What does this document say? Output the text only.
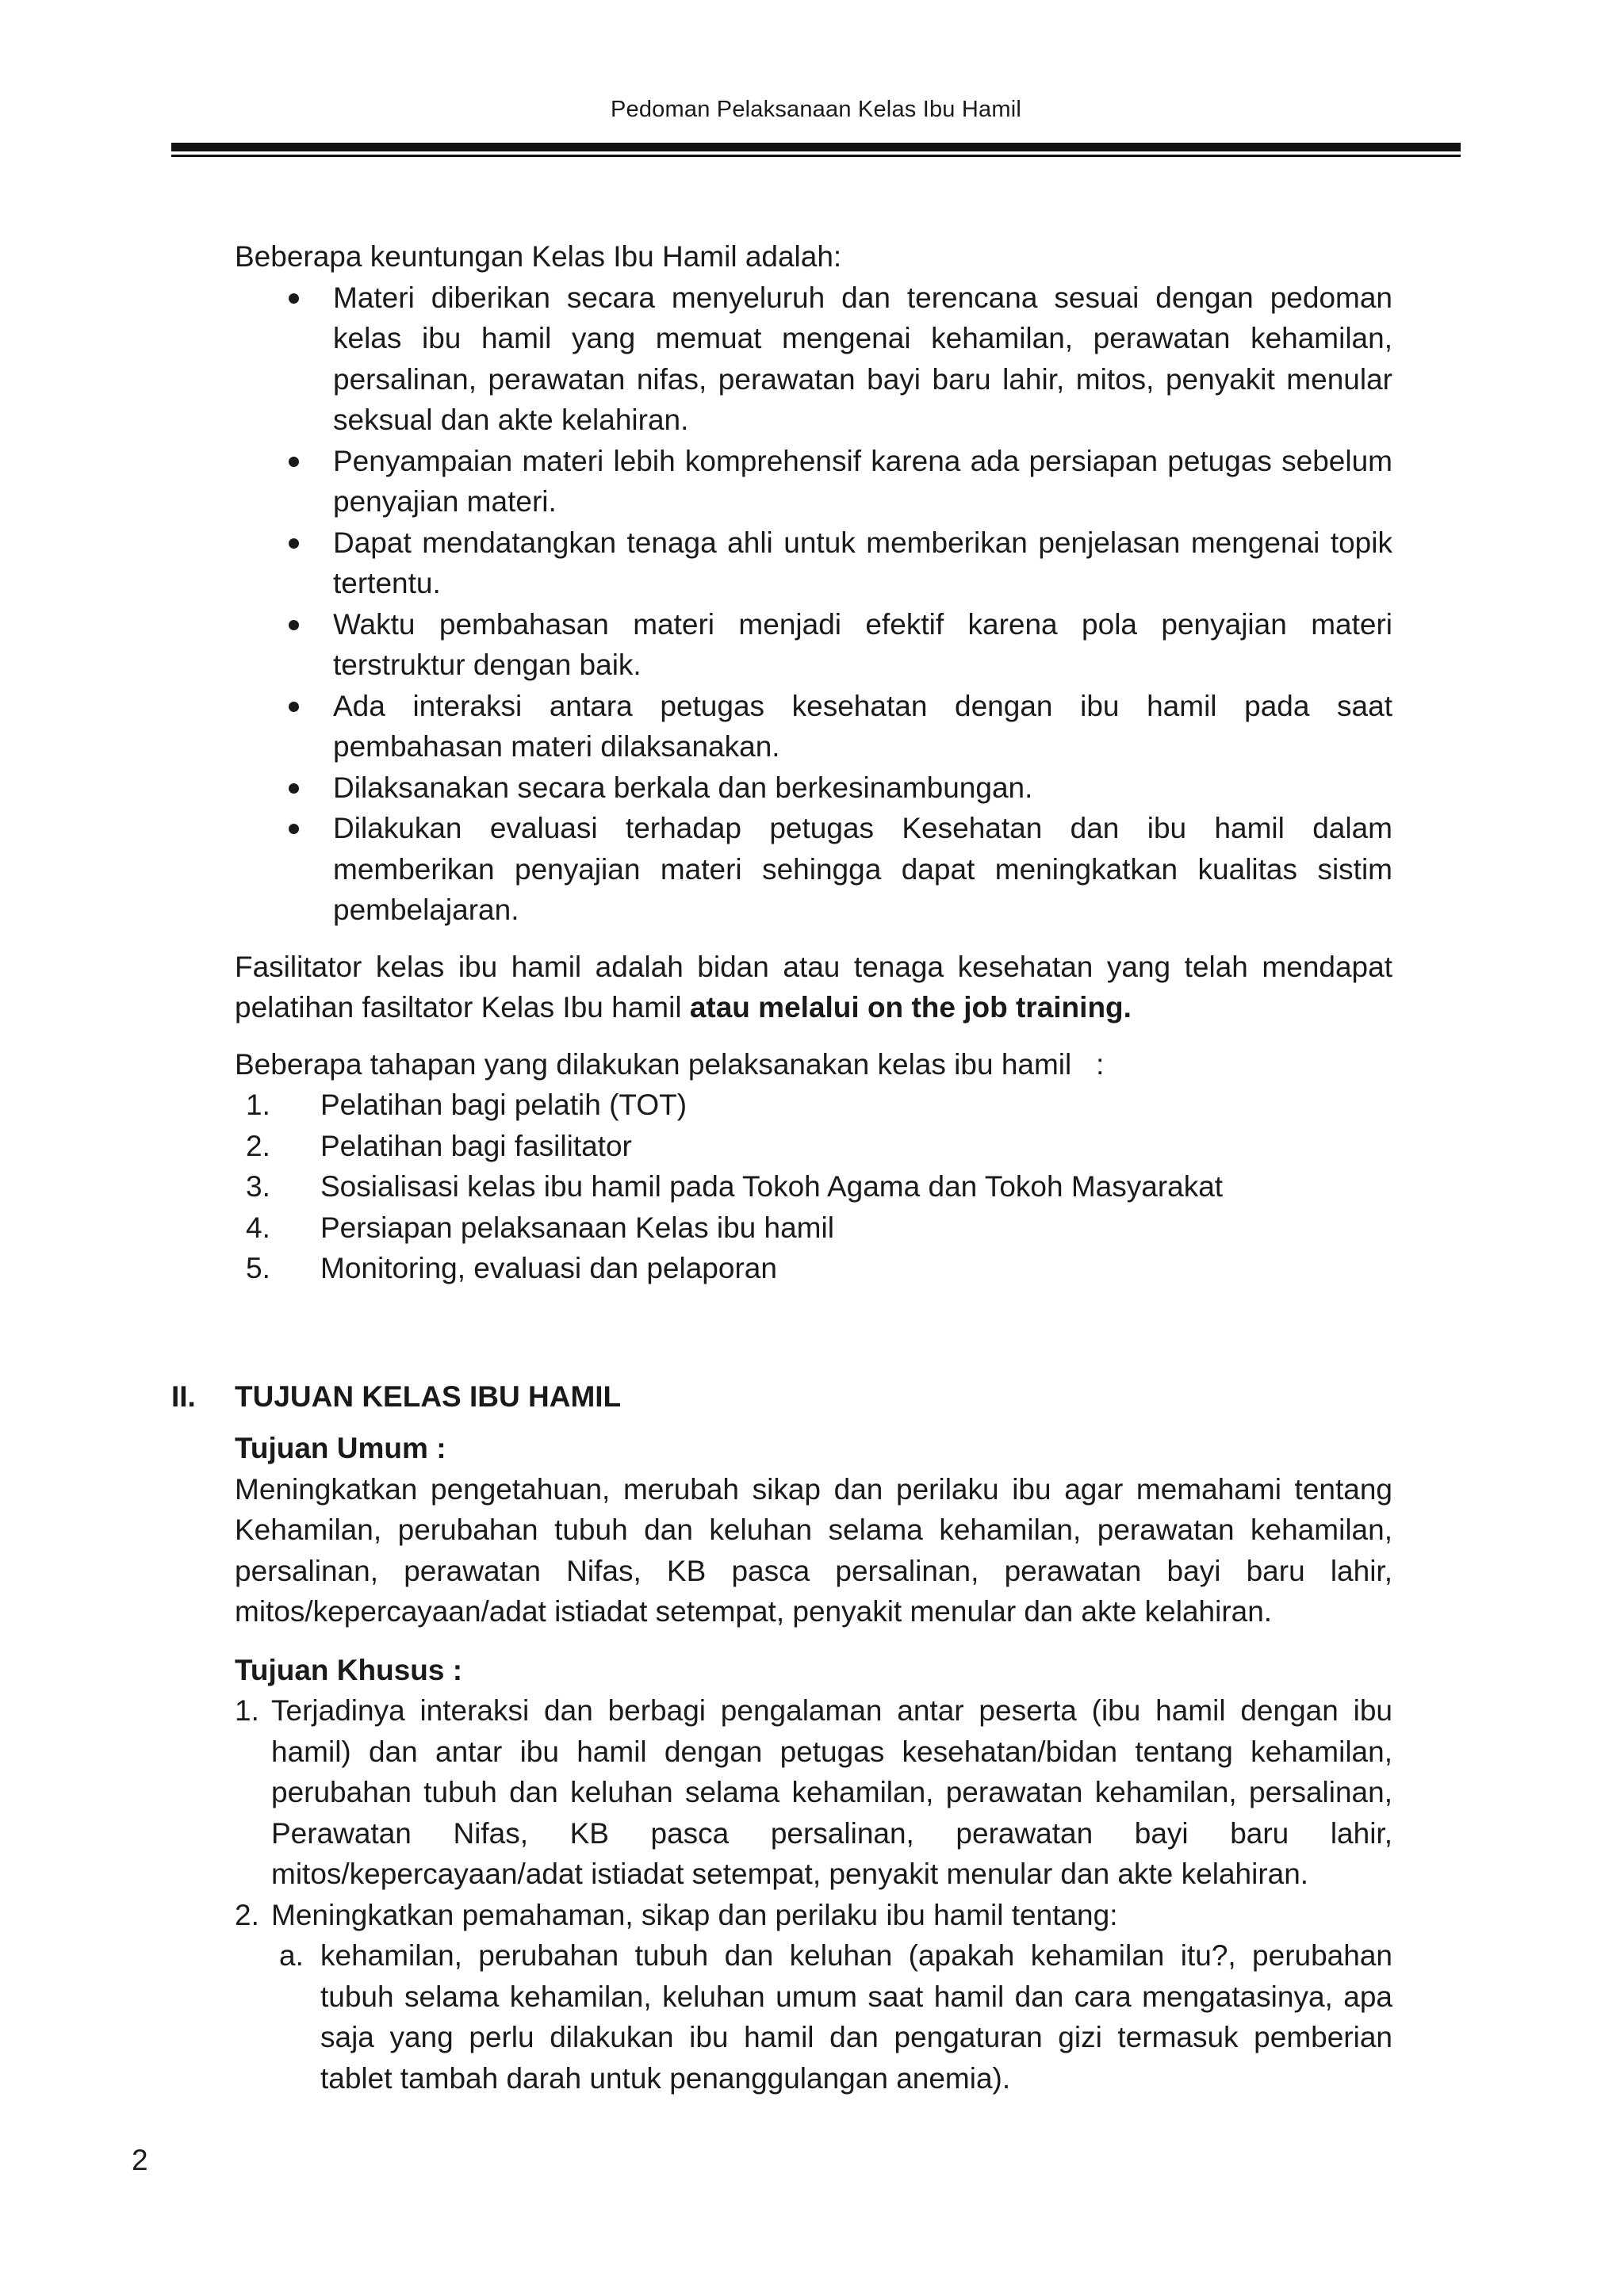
Pedoman Pelaksanaan Kelas Ibu Hamil

Beberapa keuntungan Kelas Ibu Hamil adalah:

Materi diberikan secara menyeluruh dan terencana sesuai dengan pedoman kelas ibu hamil yang memuat mengenai kehamilan, perawatan kehamilan, persalinan, perawatan nifas, perawatan bayi baru lahir, mitos, penyakit menular seksual dan akte kelahiran.
Penyampaian materi lebih komprehensif karena ada persiapan petugas sebelum penyajian materi.
Dapat mendatangkan tenaga ahli untuk memberikan penjelasan mengenai topik tertentu.
Waktu pembahasan materi menjadi efektif karena pola penyajian materi terstruktur dengan baik.
Ada interaksi antara petugas kesehatan dengan ibu hamil pada saat pembahasan materi dilaksanakan.
Dilaksanakan secara berkala dan berkesinambungan.
Dilakukan evaluasi terhadap petugas Kesehatan dan ibu hamil dalam memberikan penyajian materi sehingga dapat meningkatkan kualitas sistim pembelajaran.

Fasilitator kelas ibu hamil adalah bidan atau tenaga kesehatan yang telah mendapat pelatihan fasiltator Kelas Ibu hamil atau melalui on the job training.

Beberapa tahapan yang dilakukan pelaksanakan kelas ibu hamil   :

1. Pelatihan bagi pelatih (TOT)
2. Pelatihan bagi fasilitator
3. Sosialisasi kelas ibu hamil pada Tokoh Agama dan Tokoh Masyarakat
4. Persiapan pelaksanaan Kelas ibu hamil
5. Monitoring, evaluasi dan pelaporan
II. TUJUAN KELAS IBU HAMIL

Tujuan Umum :

Meningkatkan pengetahuan, merubah sikap dan perilaku ibu agar memahami tentang Kehamilan, perubahan tubuh dan keluhan selama kehamilan, perawatan kehamilan, persalinan, perawatan Nifas, KB pasca persalinan, perawatan bayi baru lahir, mitos/kepercayaan/adat istiadat setempat, penyakit menular dan akte kelahiran.

Tujuan Khusus :

1. Terjadinya interaksi dan berbagi pengalaman antar peserta (ibu hamil dengan ibu hamil) dan antar ibu hamil dengan petugas kesehatan/bidan tentang kehamilan, perubahan tubuh dan keluhan selama kehamilan, perawatan kehamilan, persalinan, Perawatan Nifas, KB pasca persalinan, perawatan bayi baru lahir, mitos/kepercayaan/adat istiadat setempat, penyakit menular dan akte kelahiran.
2. Meningkatkan pemahaman, sikap dan perilaku ibu hamil tentang:
a. kehamilan, perubahan tubuh dan keluhan (apakah kehamilan itu?, perubahan tubuh selama kehamilan, keluhan umum saat hamil dan cara mengatasinya, apa saja yang perlu dilakukan ibu hamil dan pengaturan gizi termasuk pemberian tablet tambah darah untuk penanggulangan anemia).
2
